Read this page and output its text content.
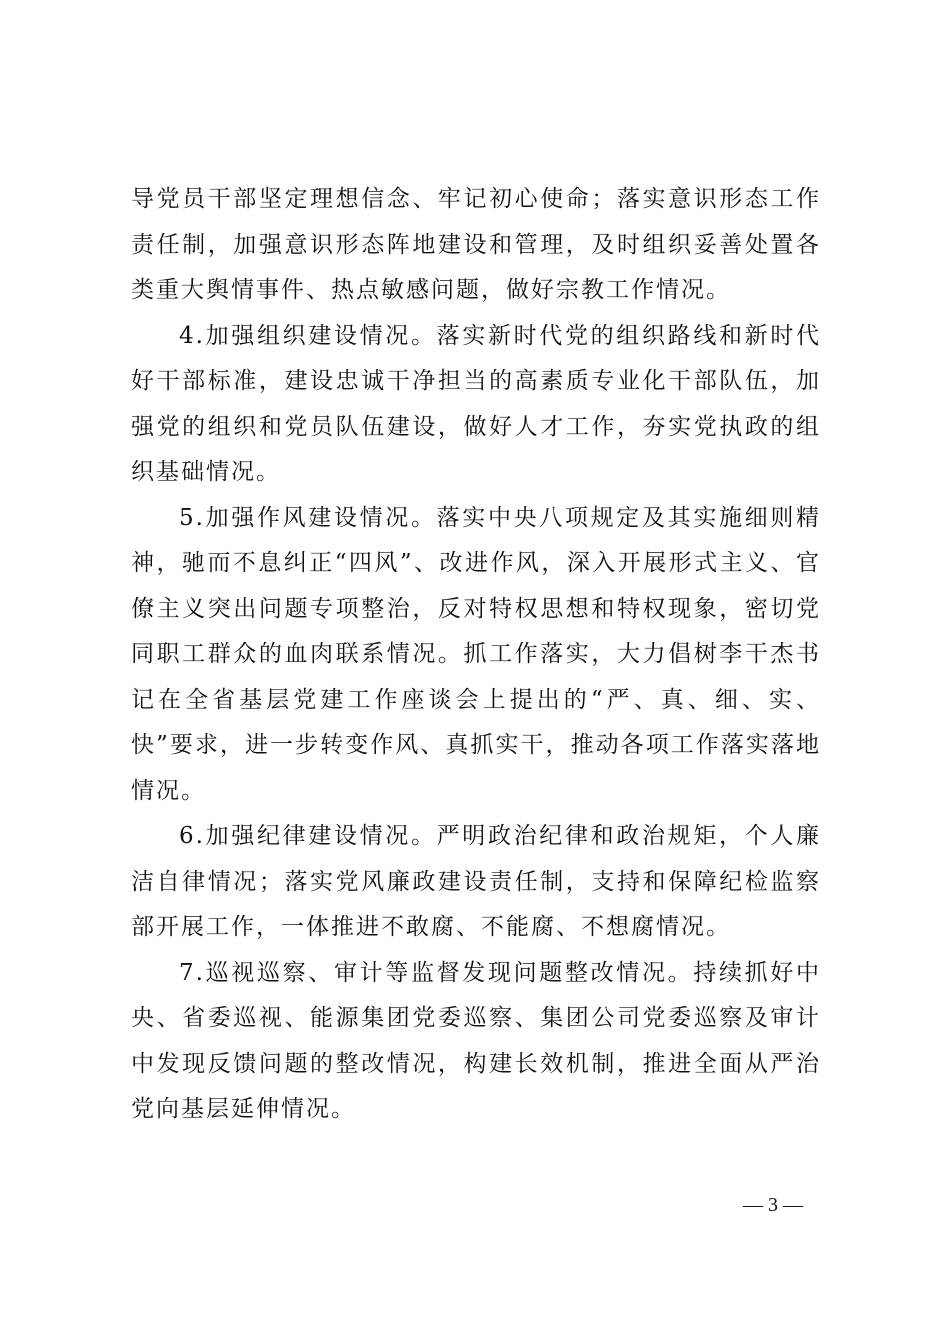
导党员干部坚定理想信念、牢记初心使命；落实意识形态工作责任制，加强意识形态阵地建设和管理，及时组织妥善处置各类重大舆情事件、热点敏感问题，做好宗教工作情况。

4.加强组织建设情况。落实新时代党的组织路线和新时代好干部标准，建设忠诚干净担当的高素质专业化干部队伍，加强党的组织和党员队伍建设，做好人才工作，夯实党执政的组织基础情况。

5.加强作风建设情况。落实中央八项规定及其实施细则精神，驰而不息纠正“四风”、改进作风，深入开展形式主义、官僚主义突出问题专项整治，反对特权思想和特权现象，密切党同职工群众的血肉联系情况。抓工作落实，大力倡树李干杰书记在全省基层党建工作座谈会上提出的“严、真、细、实、快”要求，进一步转变作风、真抓实干，推动各项工作落实落地情况。

6.加强纪律建设情况。严明政治纪律和政治规矩，个人廉洁自律情况；落实党风廉政建设责任制，支持和保障纪检监察部开展工作，一体推进不敢腐、不能腐、不想腐情况。

7.巡视巡察、审计等监督发现问题整改情况。持续抓好中央、省委巡视、能源集团党委巡察、集团公司党委巡察及审计中发现反馈问题的整改情况，构建长效机制，推进全面从严治党向基层延伸情况。

— 3 —
